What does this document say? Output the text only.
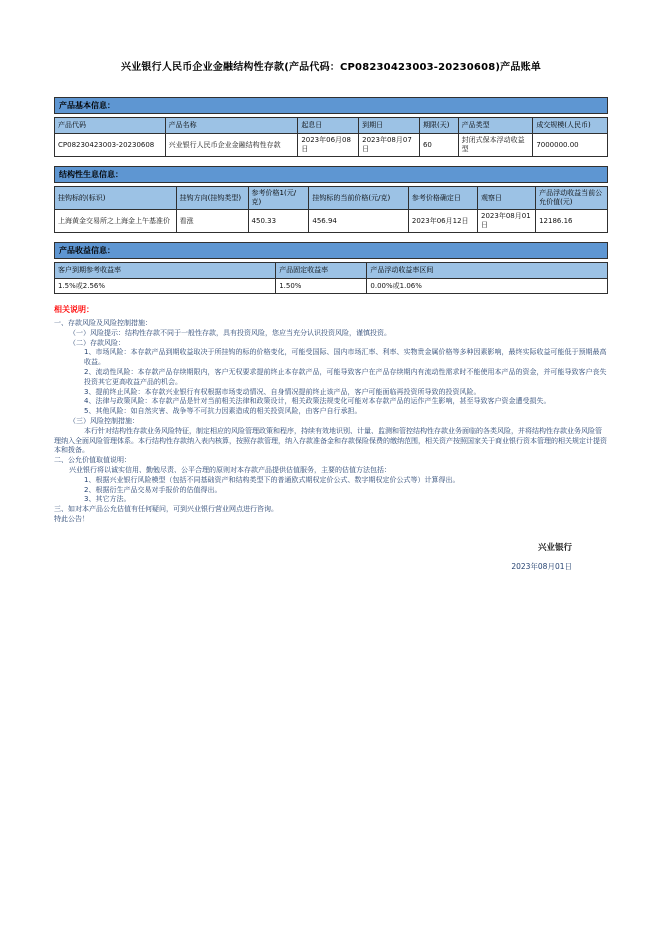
兴业银行人民币企业金融结构性存款(产品代码：CP08230423003-20230608)产品账单
产品基本信息：
产品代码	产品名称	起息日	到期日	期限(天)	产品类型	成交规模(人民币)
CP08230423003-20230608	兴业银行人民币企业金融结构性存款	2023年06月08日	2023年08月07日	60	封闭式保本浮动收益型	7000000.00
结构性生息信息：
挂钩标的(标识)	挂钩方向(挂钩类型)	参考价格1(元/克)	挂钩标的当前价格(元/克)	参考价格确定日	观察日	产品浮动收益当前公允价值(元)
上海黄金交易所之上海金上午基准价	看涨	450.33	456.94	2023年06月12日	2023年08月01日	12186.16
产品收益信息：
客户到期参考收益率	产品固定收益率	产品浮动收益率区间
1.5%或2.56%	1.50%	0.00%或1.06%
相关说明：
一、存款风险及风险控制措施：
（一）风险提示：结构性存款不同于一般性存款，具有投资风险，您应当充分认识投资风险，谨慎投资。
（二）存款风险：
1、市场风险：本存款产品到期收益取决于所挂钩的标的价格变化，可能受国际、国内市场汇率、利率、实物贵金属价格等多种因素影响，最终实际收益可能低于预期最高收益。
2、流动性风险：本存款产品存续期限内，客户无权要求提前终止本存款产品，可能导致客户在产品存续期内有流动性需求时不能使用本产品的资金，并可能导致客户丧失投资其它更高收益产品的机会。
3、提前终止风险：本存款兴业银行有权根据市场变动情况、自身情况提前终止该产品，客户可能面临再投资所导致的投资风险。
4、法律与政策风险：本存款产品是针对当前相关法律和政策设计，相关政策法规变化可能对本存款产品的运作产生影响，甚至导致客户资金遭受损失。
5、其他风险：如自然灾害、战争等不可抗力因素造成的相关投资风险，由客户自行承担。
（三）风险控制措施：
本行针对结构性存款业务风险特征，制定相应的风险管理政策和程序，持续有效地识别、计量、监测和管控结构性存款业务面临的各类风险，并将结构性存款业务风险管理纳入全面风险管理体系。本行结构性存款纳入表内核算，按照存款管理，纳入存款准备金和存款保险保费的缴纳范围，相关资产按照国家关于商业银行资本管理的相关规定计提资本和拨备。
二、公允价值取值说明：
兴业银行将以诚实信用、勤勉尽责、公平合理的原则对本存款产品提供估值服务，主要的估值方法包括：
1、根据兴业银行风险模型（包括不同基础资产和结构类型下的普通欧式期权定价公式、数字期权定价公式等）计算得出。
2、根据衍生产品交易对手报价的估值得出。
3、其它方法。
三、如对本产品公允估值有任何疑问，可到兴业银行营业网点进行咨询。
特此公告！
兴业银行
2023年08月01日
